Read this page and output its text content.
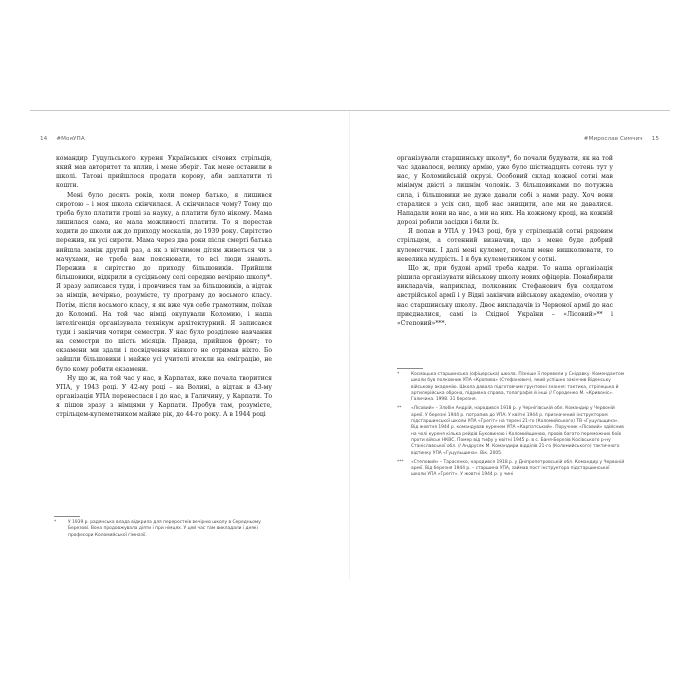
14 #МояУПА

командир Гуцульського куреня Українських січових стрільців, який мав авторитет та вплив, і мене зберіг. Так мене оставили в школі. Татові прийшлося продати корову, аби заплатити ті кошти.

Мені було десять років, коли помер батько, я лишився сиротою – і моя школа скінчилася. А скінчилася чому? Тому що треба було платити гроші за науку, а платити було нікому. Мама лишилася сама, не мала можливості платити. То я перестав ходити до школи аж до приходу москалів, до 1939 року. Сирітство пережив, як усі сироти. Мама через два роки після смерті батька вийшла заміж другий раз, а як з вітчимом дітям живеться чи з мачухами, не треба вам пояснювати, то всі люди знають. Пережив я сирітство до приходу більшовиків. Прийшли більшовики, відкрили в сусідньому селі середню вечірню школу*. Я зразу записався туди, і провчився там за більшовиків, а відтак за німців, вечірньо, розумієте, ту програму до восьмого класу. Потім, після восьмого класу, я як вже чув себе грамотним, поїхав до Коломиї. На той час німці окупували Коломию, і наша інтелігенція організувала технікум архітектурний. Я записався туди і закінчив чотири семестри. У нас було розділене навчання на семестри по шість місяців. Правда, прийшов фронт; то екзамени ми здали і посвідчення ніякого не отримав ніхто. Бо зайшли більшовики і майже усі учителі втекли на еміграцію, не було кому робити екзамени.

Ну що ж, на той час у нас, в Карпатах, вже почала творитися УПА, у 1943 році. У 42-му році – на Волині, а відтак в 43-му організація УПА перенеслася і до нас, в Галичину, у Карпати. То я пішов зразу з німцями у Карпати. Пробув там, розумієте, стрільцем-кулеметником майже рік, до 44-го року. А в 1944 році

*	У 1939 р. радянська влада відкрила для переростків вечірню школу в Середньому Березові. Вона продовжувала діяти і при німцях. У цей час там викладали і деякі професори Коломийської гімназії.
#Мирослав Симчич 15

організували старшинську школу*, бо почали будувати, як на той час здавалося, велику армію, уже було шістнадцять сотень тут у нас, у Коломийській окрузі. Особовий склад кожної сотні мав мінімум двісті з лишнім чоловік. З більшовиками по потужна сила, і більшовики не дуже давали собі з нами раду. Хоч вони старалися з усіх сил, щоб нас знищити, але ми не давалися. Нападали вони на нас, а ми на них. На кожному кроці, на кожній дорозі робили засідки і били їх.

Я попав в УПА у 1943 році, був у стрілецькій сотні рядовим стрільцем, а сотенний визначив, що з мене буде добрий кулеметчик. І далі мені кулемет, почали мене вишколювати, то невелика мудрість. І я був кулеметником у сотні.

Що ж, при будові армії треба кадри. То наша організація рішила організувати військову школу нових офіцерів. Понабирали викладачів, наприклад, полковник Стефанович був солдатом австрійської армії і у Відні закінчив військову академію, очолив у нас старшинську школу. Двоє викладачів із Червоної армії до нас приєдналися, самі із Східної України – «Лісовий»** і «Степовий»***.

*	Космацька старшинська (офіцерська) школа. Пізніше її перевели у Снідавку. Комендантом школи був полковник УПА «Кропива» (Стефанович), який успішно закінчив Віденську військову академію. Школа давала підготовчим грунтовні знання: тактика, стрілецька й артилерійська оброна, підривна справа, топографія й інші // Городенко М. «Кривоніс». Галичина. 1998. 31 березня.
** «Лісовий» – Злобін Андрій, народився 1918 р. у Чернігівській обл. Командир у Червоній армії. У березні 1944 р. потрапив до УПА. У квітні 1944 р. призначений інструктором підстаршинської школи УПА «Грегіт» на терені 21-го (Коломийського) ТВ «Гуцульщина». Від жовтня 1944 р. командував куренем УПА «Карпатський». Поручник «Лісовий» здійснив на чолі куреня кілька рейдів Буковиною і Коломийщиною, провів багато переможних боїв проти військ НКВС. Помер від тифу у квітні 1945 р. в с. Баня-Березів Косівського р-ну Станіславської обл. // Андрусяк М. Командири відділів 21-го (Коломийського) тактичного відтинку УПА «Гуцульщина». Вік. 2005.
*** «Степовий» – Тарасенко, народився 1918 р. у Дніпропетровській обл. Командир у Червоній армії. Від березня 1944 р. – старшина УПА, займав пост інструктора підстаршинської школи УПА «Грегіт». У жовтні 1944 р. у чині
